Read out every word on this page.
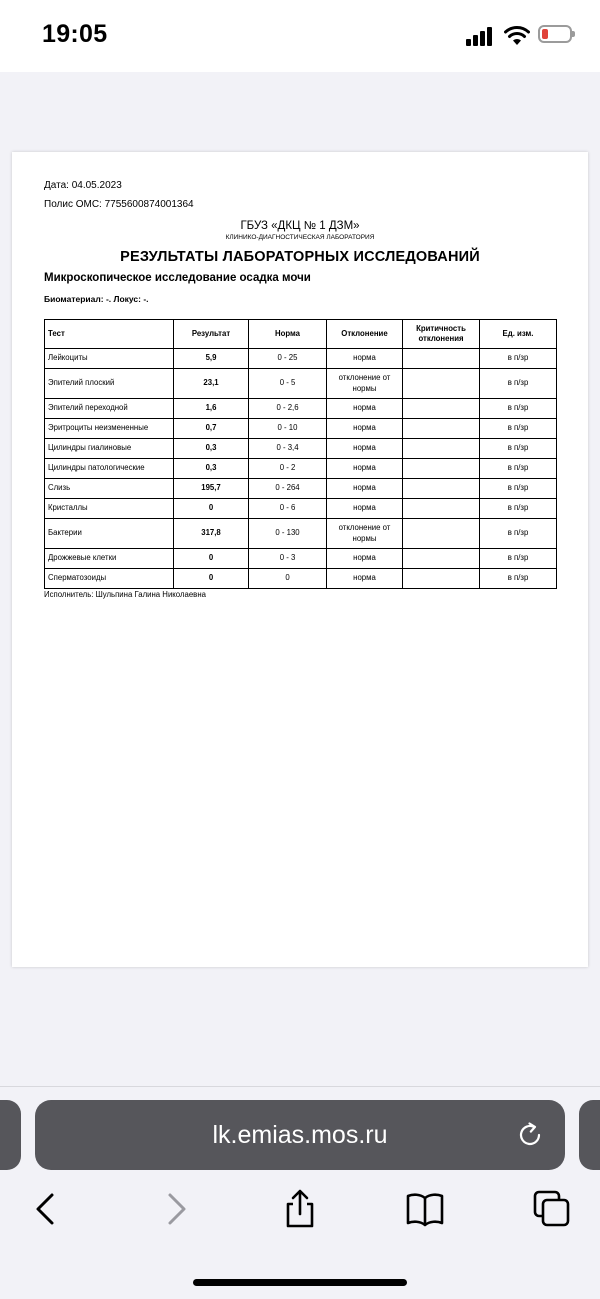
19:05
Дата: 04.05.2023
Полис ОМС: 7755600874001364
ГБУЗ «ДКЦ № 1 ДЗМ»
КЛИНИКО-ДИАГНОСТИЧЕСКАЯ ЛАБОРАТОРИЯ
РЕЗУЛЬТАТЫ ЛАБОРАТОРНЫХ ИССЛЕДОВАНИЙ
Микроскопическое исследование осадка мочи
Биоматериал: -. Локус: -.
Тест	Результат	Норма	Отклонение	Критичность отклонения	Ед. изм.
Лейкоциты	5,9	0 - 25	норма		в п/зр
Эпителий плоский	23,1	0 - 5	отклонение от нормы		в п/зр
Эпителий переходной	1,6	0 - 2,6	норма		в п/зр
Эритроциты неизмененные	0,7	0 - 10	норма		в п/зр
Цилиндры гиалиновые	0,3	0 - 3,4	норма		в п/зр
Цилиндры патологические	0,3	0 - 2	норма		в п/зр
Слизь	195,7	0 - 264	норма		в п/зр
Кристаллы	0	0 - 6	норма		в п/зр
Бактерии	317,8	0 - 130	отклонение от нормы		в п/зр
Дрожжевые клетки	0	0 - 3	норма		в п/зр
Сперматозоиды	0	0	норма		в п/зр
Исполнитель: Шульпина Галина Николаевна
lk.emias.mos.ru
